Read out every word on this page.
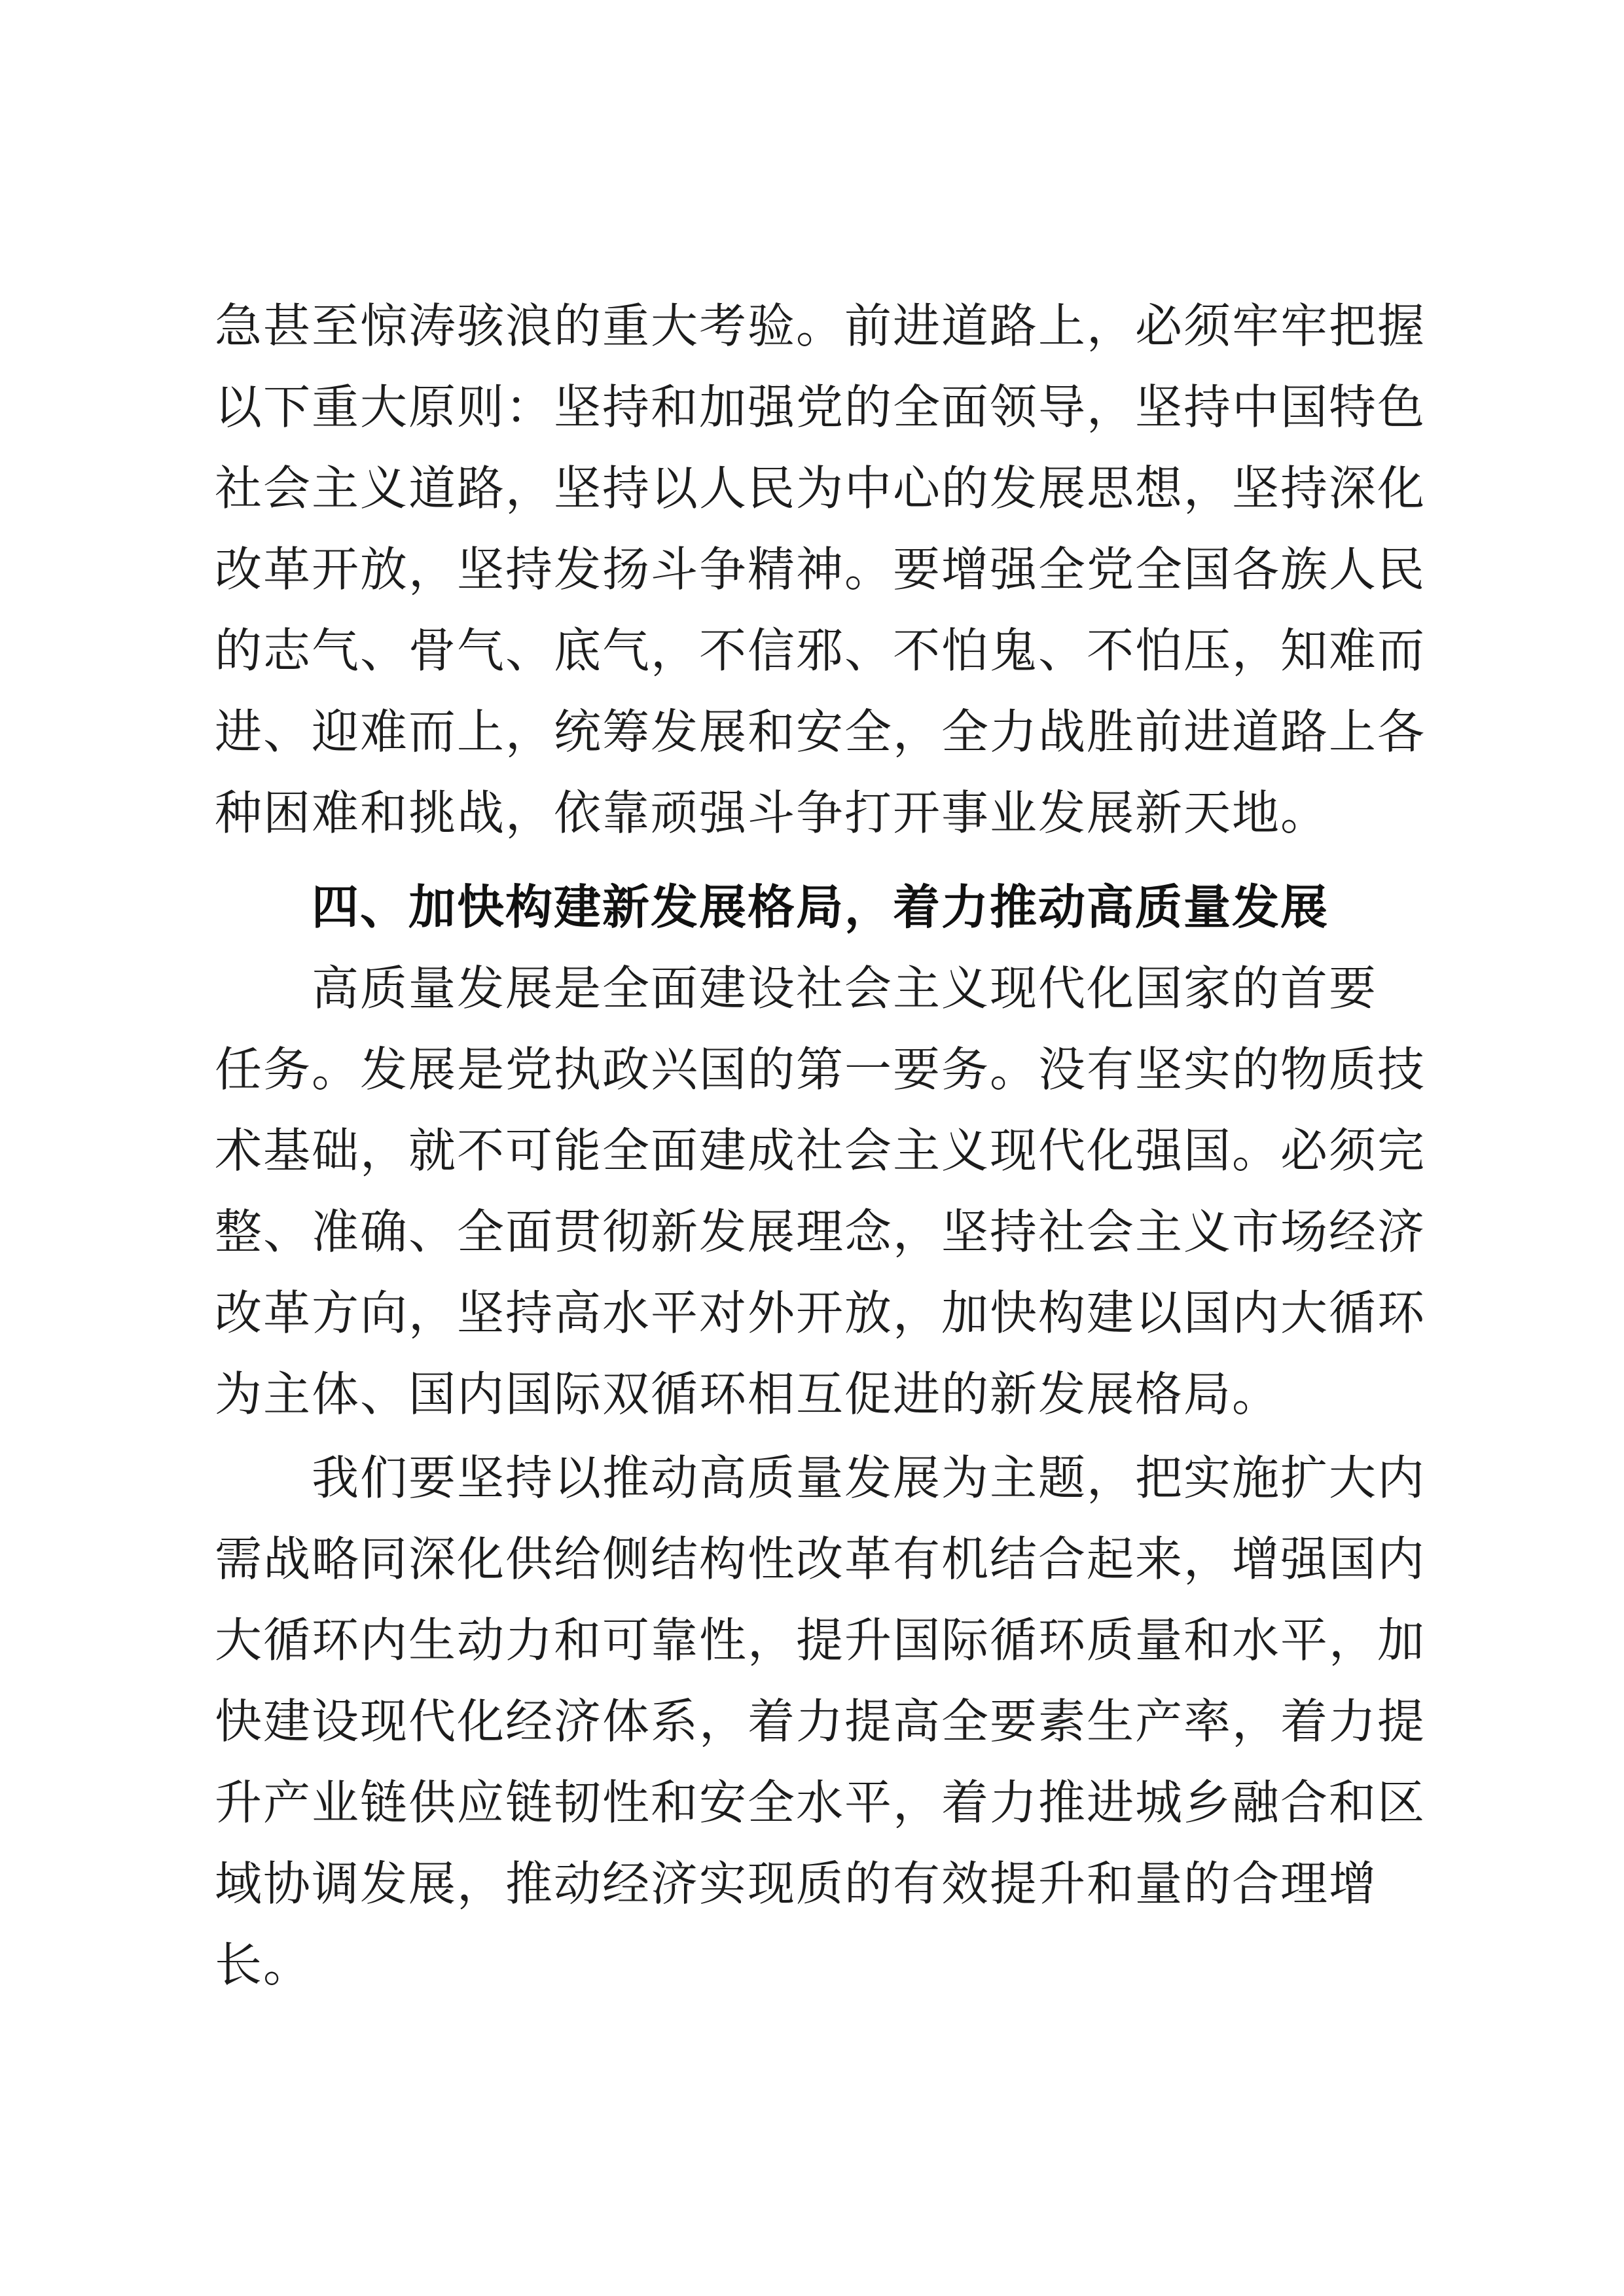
急甚至惊涛骇浪的重大考验。前进道路上，必须牢牢把握
以下重大原则：坚持和加强党的全面领导，坚持中国特色
社会主义道路，坚持以人民为中心的发展思想，坚持深化
改革开放，坚持发扬斗争精神。要增强全党全国各族人民
的志气、骨气、底气，不信邪、不怕鬼、不怕压，知难而
进、迎难而上，统筹发展和安全，全力战胜前进道路上各
种困难和挑战，依靠顽强斗争打开事业发展新天地。
四、加快构建新发展格局，着力推动高质量发展
高质量发展是全面建设社会主义现代化国家的首要
任务。发展是党执政兴国的第一要务。没有坚实的物质技
术基础，就不可能全面建成社会主义现代化强国。必须完
整、准确、全面贯彻新发展理念，坚持社会主义市场经济
改革方向，坚持高水平对外开放，加快构建以国内大循环
为主体、国内国际双循环相互促进的新发展格局。
我们要坚持以推动高质量发展为主题，把实施扩大内
需战略同深化供给侧结构性改革有机结合起来，增强国内
大循环内生动力和可靠性，提升国际循环质量和水平，加
快建设现代化经济体系，着力提高全要素生产率，着力提
升产业链供应链韧性和安全水平，着力推进城乡融合和区
域协调发展，推动经济实现质的有效提升和量的合理增
长。
